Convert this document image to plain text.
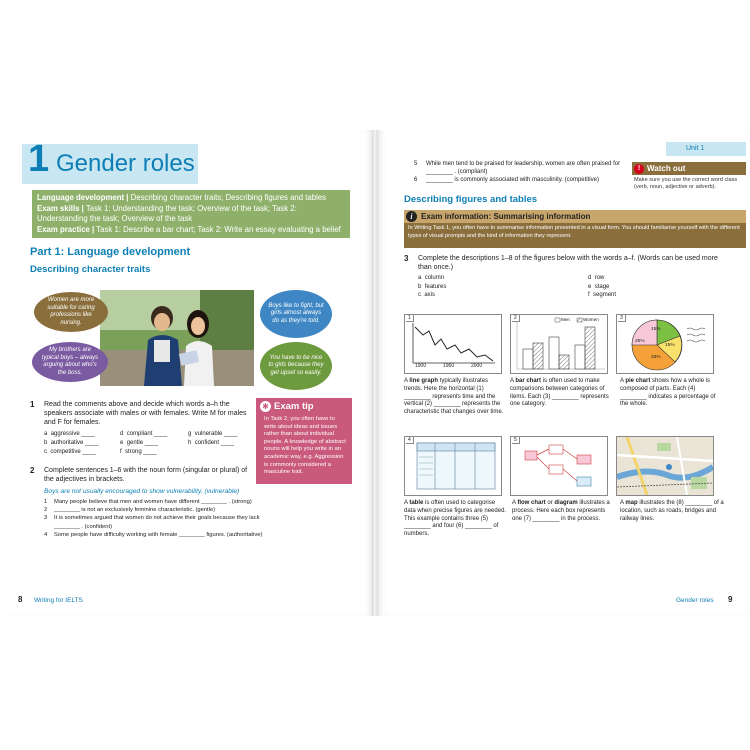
1 Gender roles
Language development | Describing character traits; Describing figures and tables
Exam skills | Task 1: Understanding the task; Overview of the task; Task 2: Understanding the task; Overview of the task
Exam practice | Task 1: Describe a bar chart; Task 2: Write an essay evaluating a belief
Part 1: Language development
Describing character traits
Women are more suitable for caring professions like nursing.
My brothers are typical boys – always arguing about who's the boss.
Boys like to fight, but girls almost always do as they're told.
You have to be nice to girls because they get upset so easily.
1 Read the comments above and decide which words a–h the speakers associate with males or with females. Write M for males and F for females.
a aggressive ____	d compliant ____	g vulnerable ____
b authoritative ____	e gentle ____	h confident ____
c competitive ____	f strong ____
✱ Exam tip
In Task 2, you often have to write about ideas and issues rather than about individual people. A knowledge of abstract nouns will help you write in an academic way, e.g. Aggression is commonly considered a masculine trait.
2 Complete sentences 1–6 with the noun form (singular or plural) of the adjectives in brackets.
Boys are not usually encouraged to show vulnerability. (vulnerable)
1	Many people believe that men and women have different ________ . (strong)
2	________ is not an exclusively feminine characteristic. (gentle)
3	It is sometimes argued that women do not achieve their goals because they lack ________ . (confident)
4	Some people have difficulty working with female ________ figures. (authoritative)
8 Writing for IELTS
Unit 1
5	While men tend to be praised for leadership, women are often praised for ________ . (compliant)
6	________ is commonly associated with masculinity. (competitive)
! Watch out
Make sure you use the correct word class (verb, noun, adjective or adverb).
Describing figures and tables
i	Exam information: Summarising information
In Writing Task 1, you often have to summarise information presented in a visual form. You should familiarise yourself with the different types of visual prompts and the kind of information they represent.
3 Complete the descriptions 1–8 of the figures below with the words a–f. (Words can be used more than once.)
a column	d row
b features	e stage
c axis	f segment
1
1900	1960	2000
2	Men	Women	3
15%
25%
15%
33%
A line graph typically illustrates trends. Here the horizontal (1) ________ represents time and the vertical (2) ________ represents the characteristic that changes over time.
A bar chart is often used to make comparisons between categories of items. Each (3) ________ represents one category.
A pie chart shows how a whole is composed of parts. Each (4) ________ indicates a percentage of the whole.
4	5
A table is often used to categorise data when precise figures are needed. This example contains three (5) ________ and four (6) ________ of numbers.
A flow chart or diagram illustrates a process. Here each box represents one (7) ________ in the process.
A map illustrates the (8) ________ of a location, such as roads, bridges and railway lines.
Gender roles 9
